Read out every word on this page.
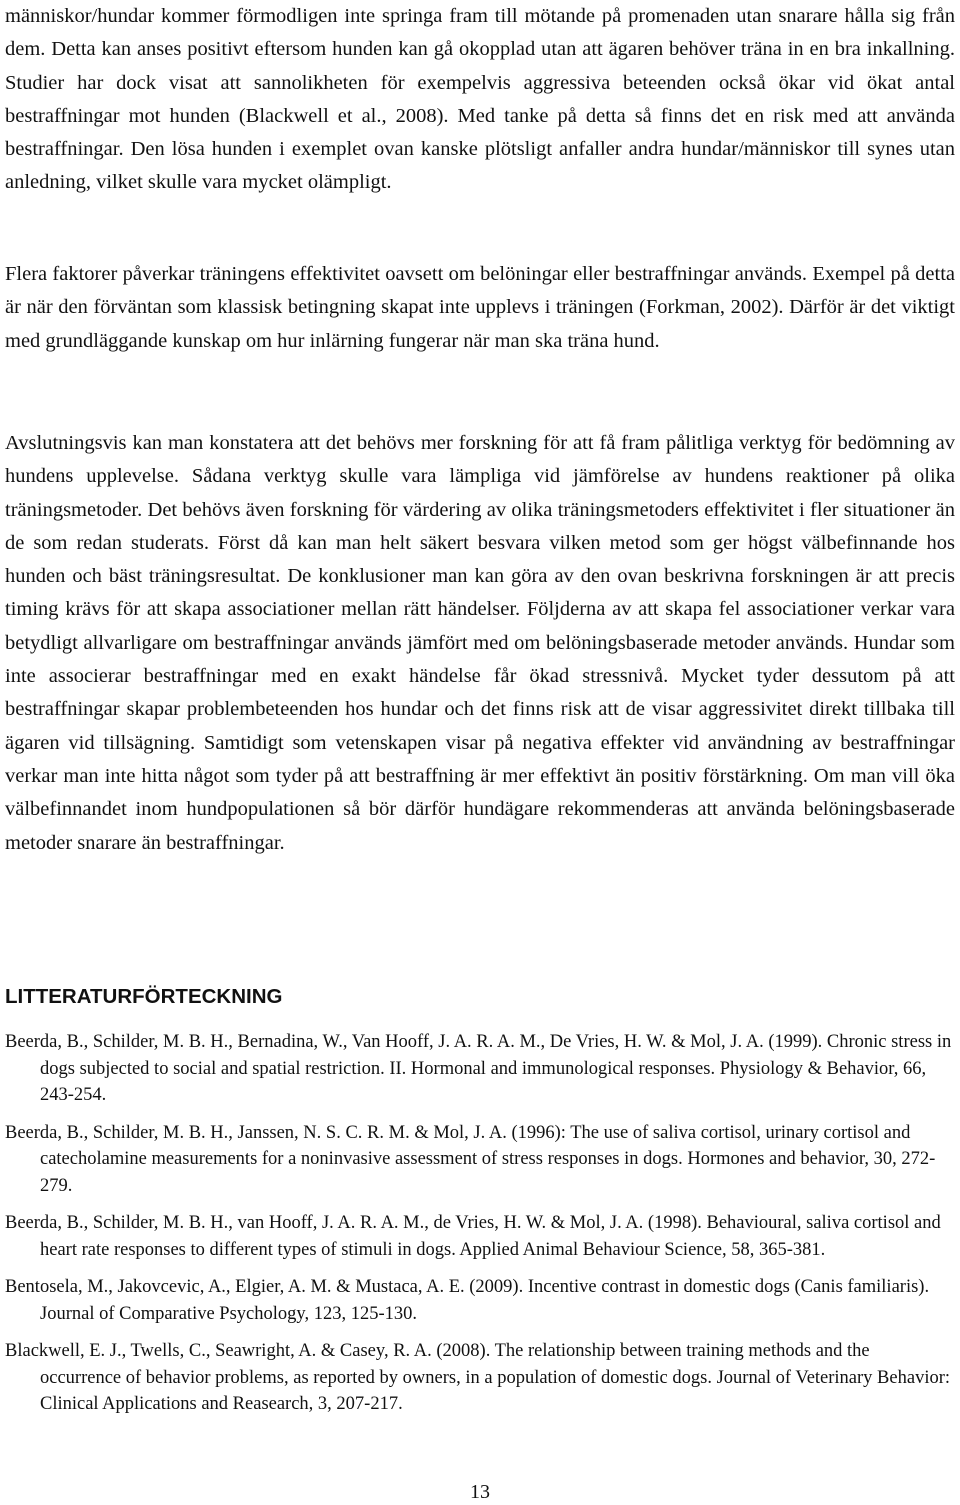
människor/hundar kommer förmodligen inte springa fram till mötande på promenaden utan snarare hålla sig från dem. Detta kan anses positivt eftersom hunden kan gå okopplad utan att ägaren behöver träna in en bra inkallning. Studier har dock visat att sannolikheten för exempelvis aggressiva beteenden också ökar vid ökat antal bestraffningar mot hunden (Blackwell et al., 2008). Med tanke på detta så finns det en risk med att använda bestraffningar. Den lösa hunden i exemplet ovan kanske plötsligt anfaller andra hundar/människor till synes utan anledning, vilket skulle vara mycket olämpligt.

Flera faktorer påverkar träningens effektivitet oavsett om belöningar eller bestraffningar används. Exempel på detta är när den förväntan som klassisk betingning skapat inte upplevs i träningen (Forkman, 2002). Därför är det viktigt med grundläggande kunskap om hur inlärning fungerar när man ska träna hund.

Avslutningsvis kan man konstatera att det behövs mer forskning för att få fram pålitliga verktyg för bedömning av hundens upplevelse. Sådana verktyg skulle vara lämpliga vid jämförelse av hundens reaktioner på olika träningsmetoder. Det behövs även forskning för värdering av olika träningsmetoders effektivitet i fler situationer än de som redan studerats. Först då kan man helt säkert besvara vilken metod som ger högst välbefinnande hos hunden och bäst träningsresultat. De konklusioner man kan göra av den ovan beskrivna forskningen är att precis timing krävs för att skapa associationer mellan rätt händelser. Följderna av att skapa fel associationer verkar vara betydligt allvarligare om bestraffningar används jämfört med om belöningsbaserade metoder används. Hundar som inte associerar bestraffningar med en exakt händelse får ökad stressnivå. Mycket tyder dessutom på att bestraffningar skapar problembeteenden hos hundar och det finns risk att de visar aggressivitet direkt tillbaka till ägaren vid tillsägning. Samtidigt som vetenskapen visar på negativa effekter vid användning av bestraffningar verkar man inte hitta något som tyder på att bestraffning är mer effektivt än positiv förstärkning. Om man vill öka välbefinnandet inom hundpopulationen så bör därför hundägare rekommenderas att använda belöningsbaserade metoder snarare än bestraffningar.

LITTERATURFÖRTECKNING
Beerda, B., Schilder, M. B. H., Bernadina, W., Van Hooff, J. A. R. A. M., De Vries, H. W. & Mol, J. A. (1999). Chronic stress in dogs subjected to social and spatial restriction. II. Hormonal and immunological responses. Physiology & Behavior, 66, 243-254.
Beerda, B., Schilder, M. B. H., Janssen, N. S. C. R. M. & Mol, J. A. (1996): The use of saliva cortisol, urinary cortisol and catecholamine measurements for a noninvasive assessment of stress responses in dogs. Hormones and behavior, 30, 272-279.
Beerda, B., Schilder, M. B. H., van Hooff, J. A. R. A. M., de Vries, H. W. & Mol, J. A. (1998). Behavioural, saliva cortisol and heart rate responses to different types of stimuli in dogs. Applied Animal Behaviour Science, 58, 365-381.
Bentosela, M., Jakovcevic, A., Elgier, A. M. & Mustaca, A. E. (2009). Incentive contrast in domestic dogs (Canis familiaris). Journal of Comparative Psychology, 123, 125-130.
Blackwell, E. J., Twells, C., Seawright, A. & Casey, R. A. (2008). The relationship between training methods and the occurrence of behavior problems, as reported by owners, in a population of domestic dogs. Journal of Veterinary Behavior: Clinical Applications and Reasearch, 3, 207-217.
13
